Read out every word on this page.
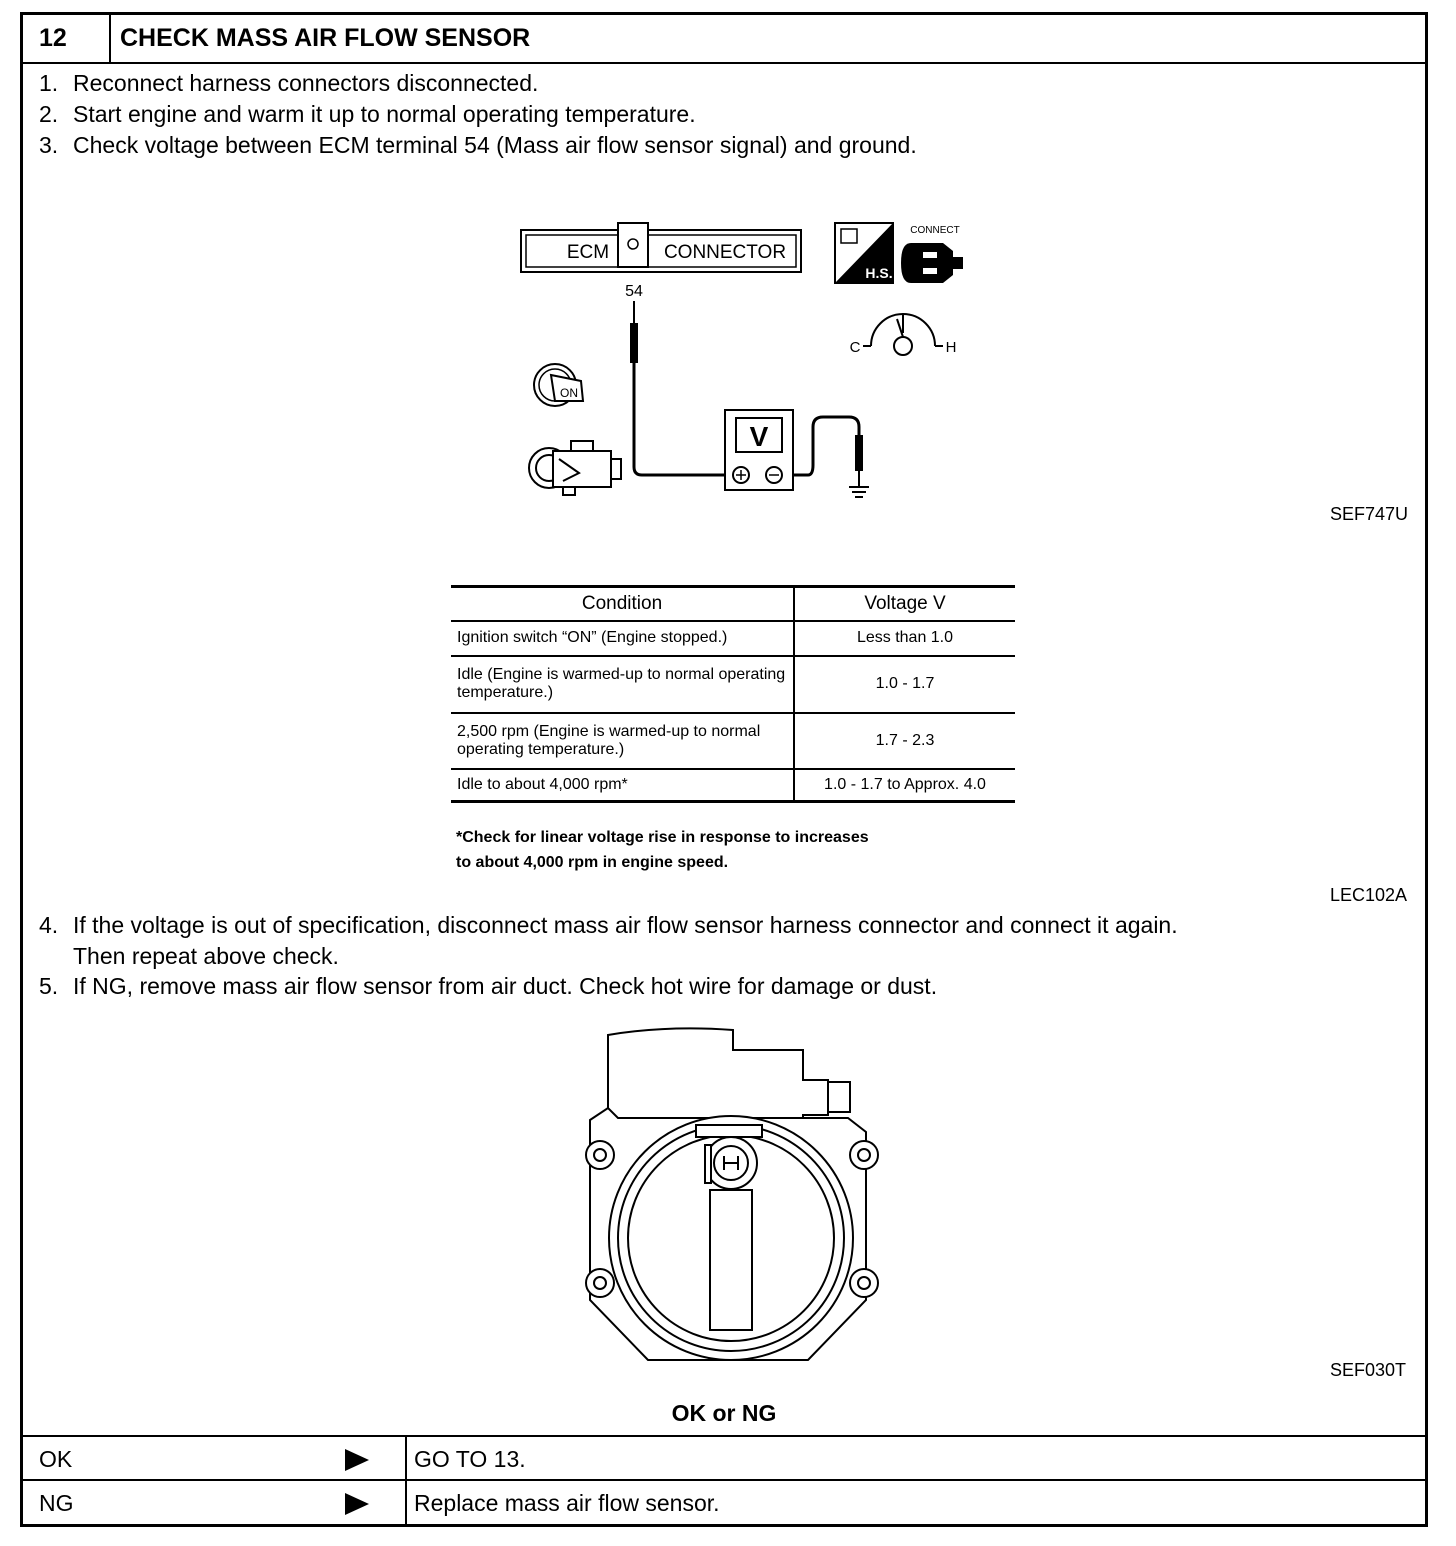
12	CHECK MASS AIR FLOW SENSOR
1. Reconnect harness connectors disconnected.
2. Start engine and warm it up to normal operating temperature.
3. Check voltage between ECM terminal 54 (Mass air flow sensor signal) and ground.
ECM	CONNECTOR
54
V
H.S.
CONNECT
C	H
ON
SEF747U
Condition	Voltage V
Ignition switch “ON” (Engine stopped.)	Less than 1.0
Idle (Engine is warmed-up to normal operating temperature.)	1.0 - 1.7
2,500 rpm (Engine is warmed-up to normal operating temperature.)	1.7 - 2.3
Idle to about 4,000 rpm*	1.0 - 1.7 to Approx. 4.0
*Check for linear voltage rise in response to increases
to about 4,000 rpm in engine speed.
LEC102A
4. If the voltage is out of specification, disconnect mass air flow sensor harness connector and connect it again.
Then repeat above check.
5. If NG, remove mass air flow sensor from air duct. Check hot wire for damage or dust.
SEF030T
OK or NG
OK	GO TO 13.
NG	Replace mass air flow sensor.
